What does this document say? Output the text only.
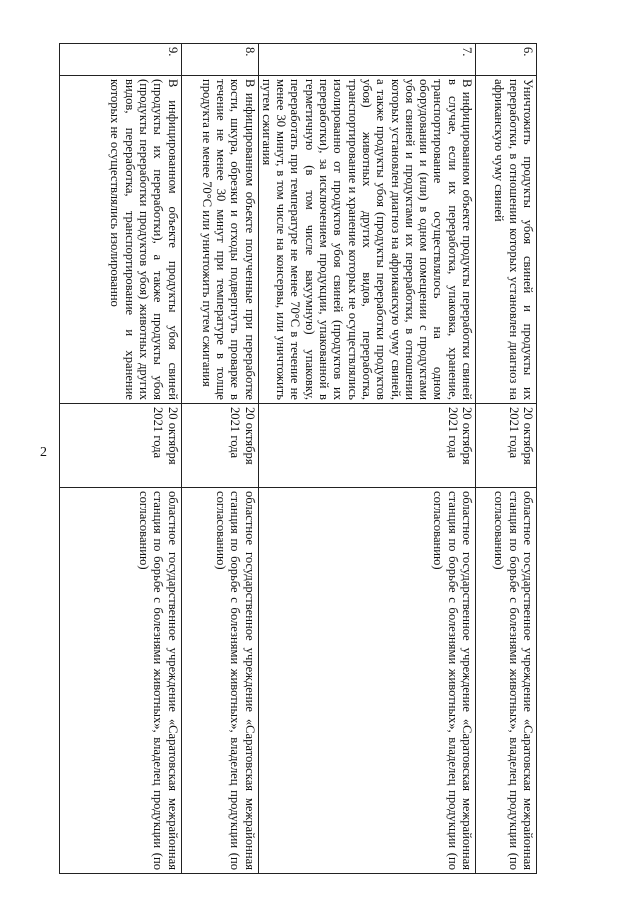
2
6.	Уничтожить продукты убоя свиней и продукты их переработки, в отношении которых установлен диагноз на африканскую чуму свиней	20 октября 2021 года	областное государственное учреждение «Саратовская межрайонная станция по борьбе с болезнями животных», владелец продукции (по согласованию)
7.	В инфицированном объекте продукты переработки свиней в случае, если их переработка, упаковка, хранение, транспортирование осуществлялось на одном оборудовании и (или) в одном помещении с продуктами убоя свиней и продуктами их переработки, в отношении которых установлен диагноз на африканскую чуму свиней, а также продукты убоя (продукты переработки продуктов убоя) животных других видов, переработка, транспортирование и хранение которых не осуществлялись изолированно от продуктов убоя свиней (продуктов их переработки), за исключением продукции, упакованной в герметичную (в том числе вакуумную) упаковку, переработать при температуре не менее 70°С в течение не менее 30 минут, в том числе на консервы, или уничтожить путем сжигания	20 октября 2021 года	областное государственное учреждение «Саратовская межрайонная станция по борьбе с болезнями животных», владелец продукции (по согласованию)
8.	В инфицированном объекте полученные при переработке кости, шкура, обрезки и отходы подвергнуть проварке в течение не менее 30 минут при температуре в толще продукта не менее 70°С или уничтожить путем сжигания	20 октября 2021 года	областное государственное учреждение «Саратовская межрайонная станция по борьбе с болезнями животных», владелец продукции (по согласованию)
9.	В инфицированном объекте продукты убоя свиней (продукты их переработки), а также продукты убоя (продукты переработки продуктов убоя) животных других видов, переработка, транспортирование и хранение которых не осуществлялись изолированно	20 октября 2021 года	областное государственное учреждение «Саратовская межрайонная станция по борьбе с болезнями животных», владелец продукции (по согласованию)
